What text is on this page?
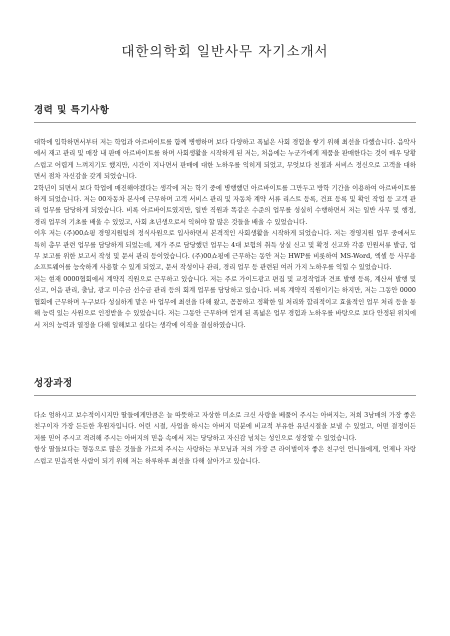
대한의학회 일반사무 자기소개서
경력 및 특기사항

대학에 입학하면서부터 저는 학업과 아르바이트를 함께 병행하며 보다 다양하고 폭넓은 사회 경험을 쌓기 위해 최선을 다했습니다. 음악사에서 재고 관리 및 매장 내 판매 아르바이트를 하며 사회생활을 시작하게 된 저는, 처음에는 누군가에게 제품을 판매한다는 것이 매우 당황스럽고 어렵게 느껴지기도 했지만, 시간이 지나면서 판매에 대한 노하우를 익히게 되었고, 무엇보다 친절과 서비스 정신으로 고객을 대하면서 점차 자신감을 갖게 되었습니다.

2학년이 되면서 보다 학업에 매진해야겠다는 생각에 저는 학기 중에 병행했던 아르바이트를 그만두고 방학 기간을 이용하여 아르바이트를 하게 되었습니다. 저는 00자동차 본사에 근무하며 고객 서비스 관리 및 자동차 계약 서류 리스트 등록, 견표 등록 및 확인 작업 등 고객 관리 업무를 담당하게 되었습니다. 비록 아르바이트였지만, 일반 직원과 똑같은 수준의 업무를 성실히 수행하면서 저는 일반 사무 및 행정, 경리 업무의 기초를 배울 수 있었고, 사회 초년생으로서 익혀야 할 많은 것들을 배울 수 있었습니다.

이후 저는 (주)00쇼핑 경영지원팀의 정식사원으로 입사하면서 본격적인 사회생활을 시작하게 되었습니다. 저는 경영지원 업무 중에서도 특히 총무 관련 업무를 담당하게 되었는데, 제가 주로 담당했던 업무는 4대 보험의 취득 상실 신고 및 확정 신고와 각종 민원서류 발급, 업무 보고를 위한 보고서 작성 및 문서 관리 등이었습니다. (주)00쇼핑에 근무하는 동안 저는 HWP를 비롯하여 MS-Word, 엑셀 등 사무용 소프트웨어를 능숙하게 사용할 수 있게 되었고, 문서 작성이나 관리, 경리 업무 등 관련된 여러 가지 노하우를 익힐 수 있었습니다.

저는 현재 0000협회에서 계약직 직원으로 근무하고 있습니다. 저는 주로 가이드광고 편집 및 교정작업과 견표 발행 등록, 계산서 발행 및 신고, 어음 관리, 출납, 광고 미수금 선수금 관리 등의 회계 업무를 담당하고 있습니다. 비록 계약직 직원이기는 하지만, 저는 그동안 0000협회에 근무하며 누구보다 성실하게 맡은 바 업무에 최선을 다해 왔고, 꼼꼼하고 정확한 일 처리와 합리적이고 효율적인 업무 처리 등을 통해 능력 있는 사원으로 인정받을 수 있었습니다. 저는 그동안 근무하며 얻게 된 폭넓은 업무 경험과 노하우를 바탕으로 보다 안정된 위치에서 저의 능력과 열정을 다해 일해보고 싶다는 생각에 이직을 결심하였습니다.

성장과정

다소 엄하시고 보수적이시지만 딸들에게만큼은 늘 따뜻하고 자상한 미소로 크신 사랑을 베풀어 주시는 아버지는, 저희 3남매의 가장 좋은 친구이자 가장 든든한 후원자입니다. 어린 시절, 사업을 하시는 아버지 덕분에 비교적 부유한 유년시절을 보낼 수 있었고, 어떤 결정이든 저를 믿어 주시고 격려해 주시는 아버지의 믿음 속에서 저는 당당하고 자신감 넘치는 성인으로 성장할 수 있었습니다.

항상 딸들보다는 형동으로 많은 것들을 가르쳐 주시는 사랑하는 부모님과 저의 가장 큰 라이벌이자 좋은 친구인 언니들에게, 언제나 자랑스럽고 믿음직한 사람이 되기 위해 저는 하루하루 최선을 다해 살아가고 있습니다.
